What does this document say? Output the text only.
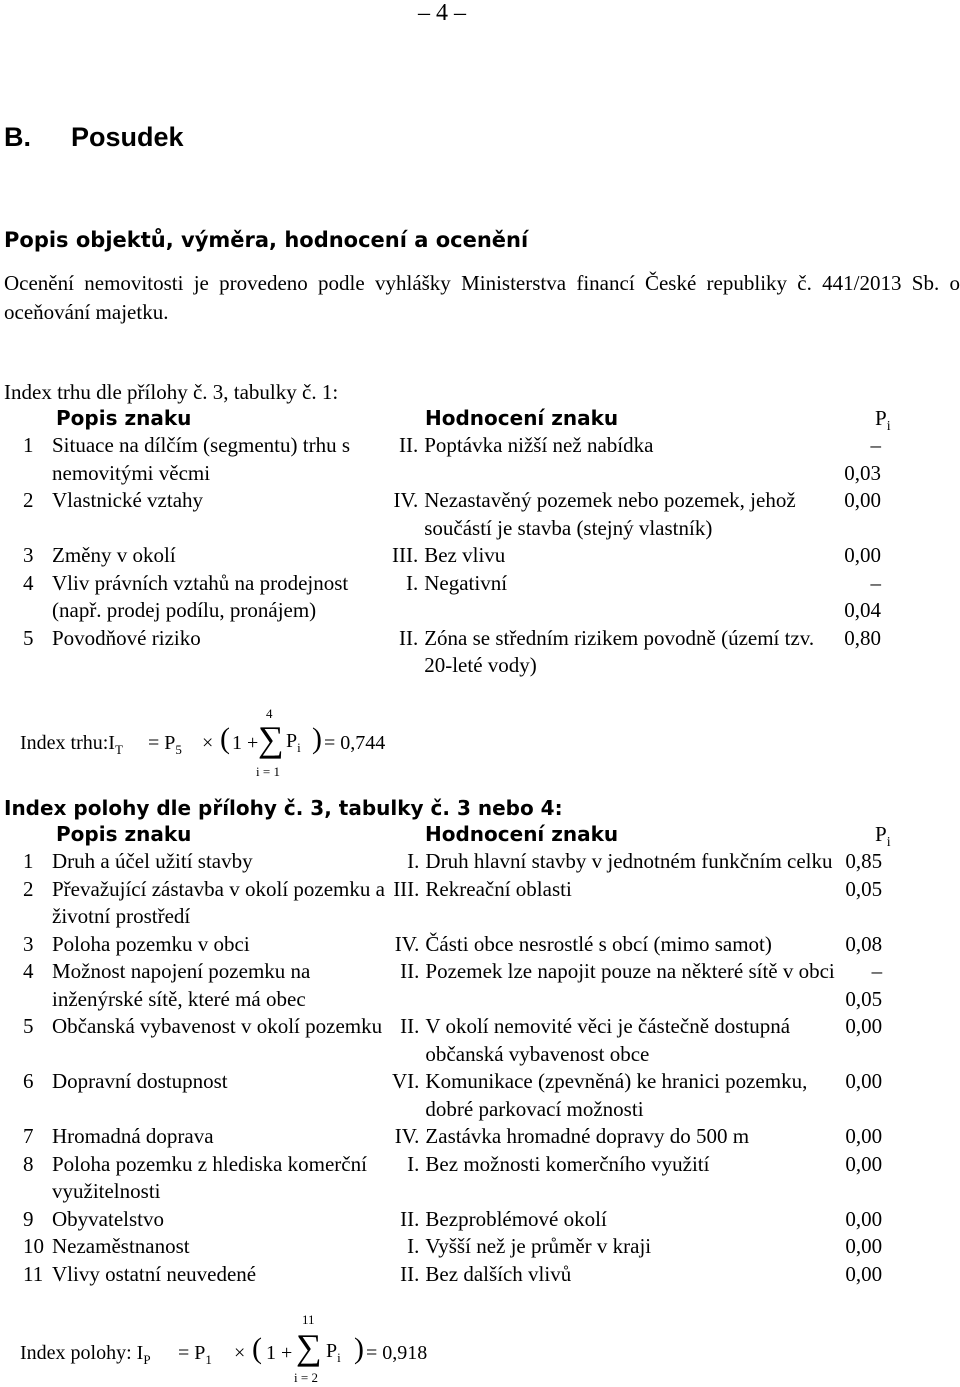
– 4 –
B. Posudek
Popis objektů, výměra, hodnocení a ocenění
Ocenění nemovitosti je provedeno podle vyhlášky Ministerstva financí České republiky č. 441/2013 Sb. o oceňování majetku.
Index trhu dle přílohy č. 3, tabulky č. 1:
Popis znaku	Hodnocení znaku	$P_i$
1	Situace na dílčím (segmentu) trhu s nemovitými věcmi	II.	Poptávka nižší než nabídka	–0,03
2	Vlastnické vztahy	IV.	Nezastavěný pozemek nebo pozemek, jehož součástí je stavba (stejný vlastník)	0,00
3	Změny v okolí	III.	Bez vlivu	0,00
4	Vliv právních vztahů na prodejnost (např. prodej podílu, pronájem)	I.	Negativní	–0,04
5	Povodňové riziko	II.	Zóna se středním rizikem povodně (území tzv. 20-leté vody)	0,80
Index $trhu:I_T = P_5$ × ( 1 +
4
∑
i = 1
$P_i$ ) = 0,744
Index polohy dle přílohy č. 3, tabulky č. 3 nebo 4:
Popis znaku	Hodnocení znaku	$P_i$
1	Druh a účel užití stavby	I.	Druh hlavní stavby v jednotném funkčním celku	0,85
2	Převažující zástavba v okolí pozemku a životní prostředí	III.	Rekreační oblasti	0,05
3	Poloha pozemku v obci	IV.	Části obce nesrostlé s obcí (mimo samot)	0,08
4	Možnost napojení pozemku na inženýrské sítě, které má obec	II.	Pozemek lze napojit pouze na některé sítě v obci	–0,05
5	Občanská vybavenost v okolí pozemku	II.	V okolí nemovité věci je částečně dostupná občanská vybavenost obce	0,00
6	Dopravní dostupnost	VI.	Komunikace (zpevněná) ke hranici pozemku, dobré parkovací možnosti	0,00
7	Hromadná doprava	IV.	Zastávka hromadné dopravy do 500 m	0,00
8	Poloha pozemku z hlediska komerční využitelnosti	I.	Bez možnosti komerčního využití	0,00
9	Obyvatelstvo	II.	Bezproblémové okolí	0,00
10	Nezaměstnanost	I.	Vyšší než je průměr v kraji	0,00
11	Vlivy ostatní neuvedené	II.	Bez dalších vlivů	0,00
Index polohy: $I_P = P_1$ × ( 1 +
11
∑
i = 2
$P_i$ ) = 0,918
